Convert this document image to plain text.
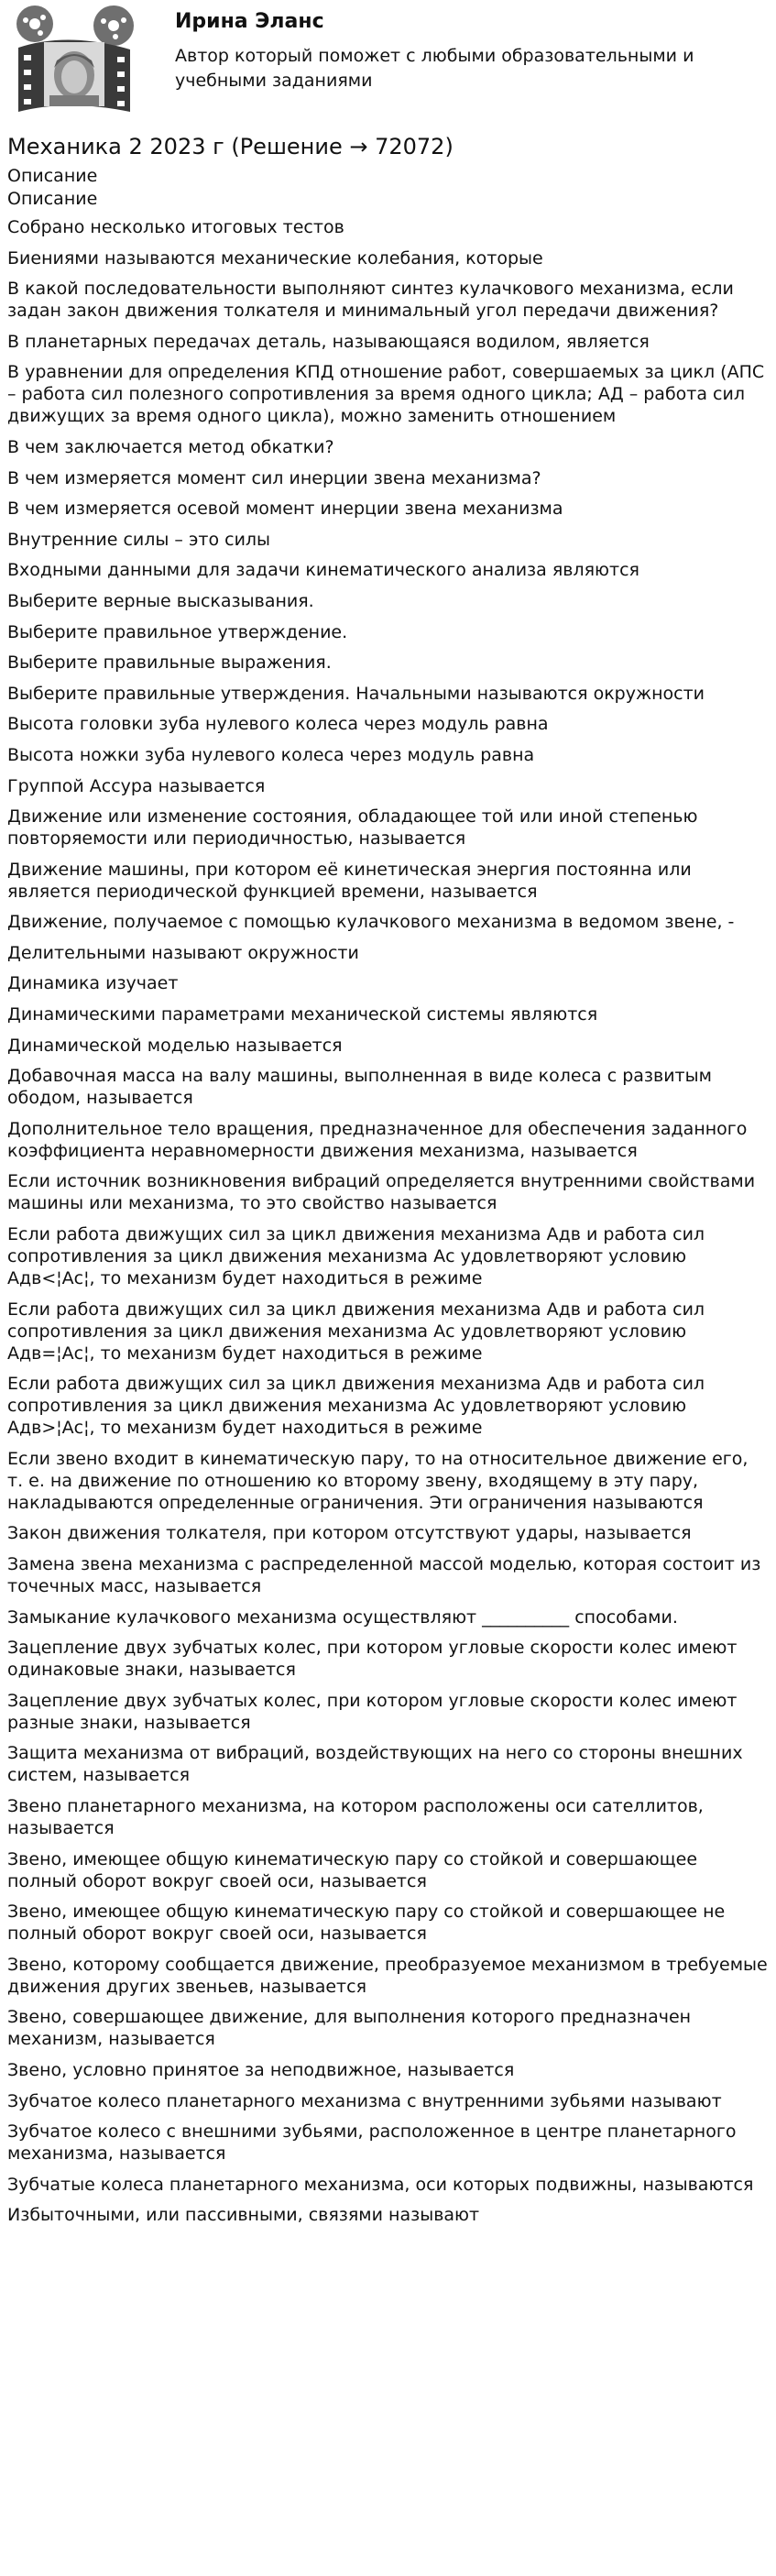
Ирина Эланс
Автор который поможет с любыми образовательными и учебными заданиями
Механика 2 2023 г (Решение → 72072)
Описание
Описание

Собрано несколько итоговых тестов

Биениями называются механические колебания, которые

В какой последовательности выполняют синтез кулачкового механизма, если задан закон движения толкателя и минимальный угол передачи движения?

В планетарных передачах деталь, называющаяся водилом, является

В уравнении для определения КПД отношение работ, совершаемых за цикл (АПС – работа сил полезного сопротивления за время одного цикла; АД – работа сил движущих за время одного цикла), можно заменить отношением

В чем заключается метод обкатки?

В чем измеряется момент сил инерции звена механизма?

В чем измеряется осевой момент инерции звена механизма

Внутренние силы – это силы

Входными данными для задачи кинематического анализа являются

Выберите верные высказывания.

Выберите правильное утверждение.

Выберите правильные выражения.

Выберите правильные утверждения. Начальными называются окружности

Высота головки зуба нулевого колеса через модуль равна

Высота ножки зуба нулевого колеса через модуль равна

Группой Ассура называется

Движение или изменение состояния, обладающее той или иной степенью повторяемости или периодичностью, называется

Движение машины, при котором её кинетическая энергия постоянна или является периодической функцией времени, называется

Движение, получаемое с помощью кулачкового механизма в ведомом звене, -

Делительными называют окружности

Динамика изучает

Динамическими параметрами механической системы являются

Динамической моделью называется

Добавочная масса на валу машины, выполненная в виде колеса с развитым ободом, называется

Дополнительное тело вращения, предназначенное для обеспечения заданного коэффициента неравномерности движения механизма, называется

Если источник возникновения вибраций определяется внутренними свойствами машины или механизма, то это свойство называется

Если работа движущих сил за цикл движения механизма Адв и работа сил сопротивления за цикл движения механизма Ас удовлетворяют условию Адв<¦Ас¦, то механизм будет находиться в режиме

Если работа движущих сил за цикл движения механизма Адв и работа сил сопротивления за цикл движения механизма Ас удовлетворяют условию Адв=¦Ас¦, то механизм будет находиться в режиме

Если работа движущих сил за цикл движения механизма Адв и работа сил сопротивления за цикл движения механизма Ас удовлетворяют условию Адв>¦Ас¦, то механизм будет находиться в режиме

Если звено входит в кинематическую пару, то на относительное движение его, т. е. на движение по отношению ко второму звену, входящему в эту пару, накладываются определенные ограничения. Эти ограничения называются

Закон движения толкателя, при котором отсутствуют удары, называется

Замена звена механизма с распределенной массой моделью, которая состоит из точечных масс, называется

Замыкание кулачкового механизма осуществляют __________ способами.

Зацепление двух зубчатых колес, при котором угловые скорости колес имеют одинаковые знаки, называется

Зацепление двух зубчатых колес, при котором угловые скорости колес имеют разные знаки, называется

Защита механизма от вибраций, воздействующих на него со стороны внешних систем, называется

Звено планетарного механизма, на котором расположены оси сателлитов, называется

Звено, имеющее общую кинематическую пару со стойкой и совершающее полный оборот вокруг своей оси, называется

Звено, имеющее общую кинематическую пару со стойкой и совершающее не полный оборот вокруг своей оси, называется

Звено, которому сообщается движение, преобразуемое механизмом в требуемые движения других звеньев, называется

Звено, совершающее движение, для выполнения которого предназначен механизм, называется

Звено, условно принятое за неподвижное, называется

Зубчатое колесо планетарного механизма с внутренними зубьями называют

Зубчатое колесо с внешними зубьями, расположенное в центре планетарного механизма, называется

Зубчатые колеса планетарного механизма, оси которых подвижны, называются

Избыточными, или пассивными, связями называют
